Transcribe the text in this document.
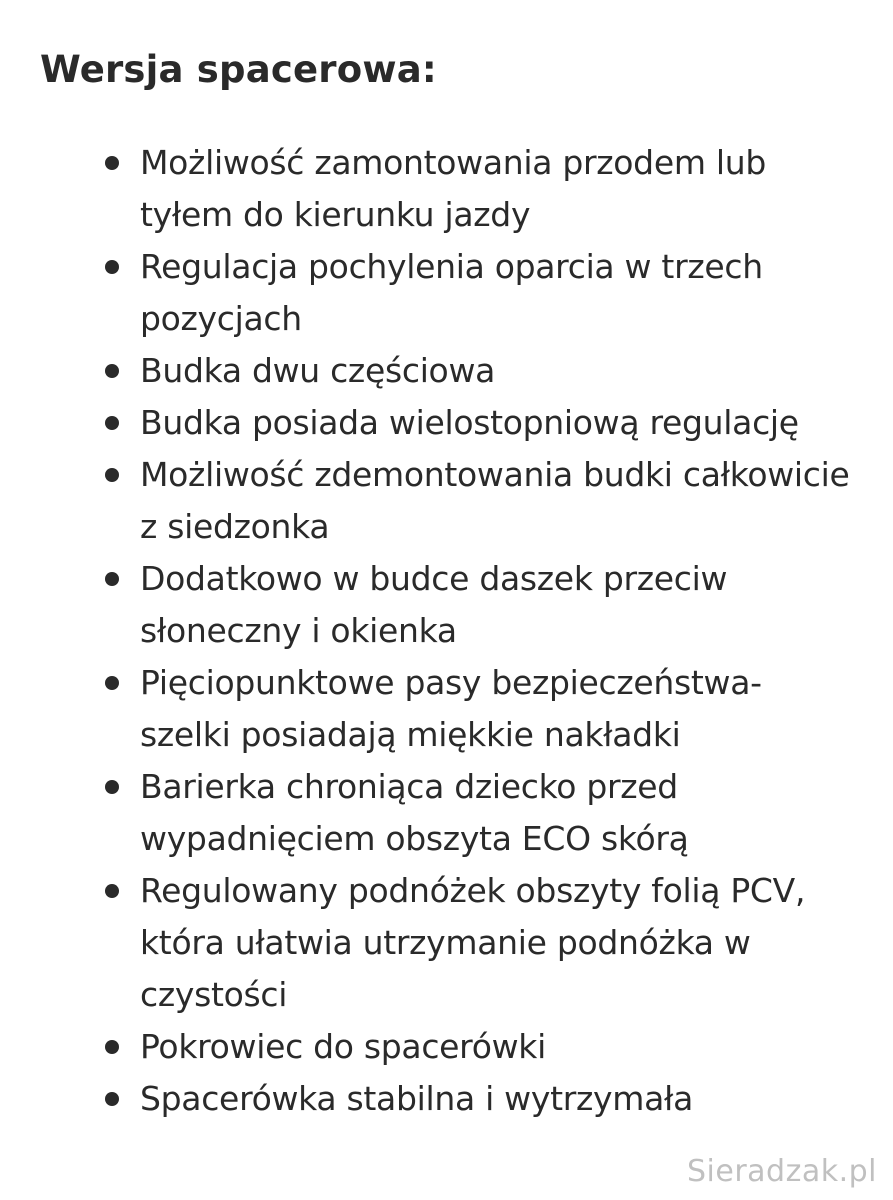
Wersja spacerowa:
Możliwość zamontowania przodem lub tyłem do kierunku jazdy
Regulacja pochylenia oparcia w trzech pozycjach
Budka dwu częściowa
Budka posiada wielostopniową regulację
Możliwość zdemontowania budki całkowicie z siedzonka
Dodatkowo w budce daszek przeciw słoneczny i okienka
Pięciopunktowe pasy bezpieczeństwa- szelki posiadają miękkie nakładki
Barierka chroniąca dziecko przed wypadnięciem obszyta ECO skórą
Regulowany podnóżek obszyty folią PCV, która ułatwia utrzymanie podnóżka w czystości
Pokrowiec do spacerówki
Spacerówka stabilna i wytrzymała
Sieradzak.pl
